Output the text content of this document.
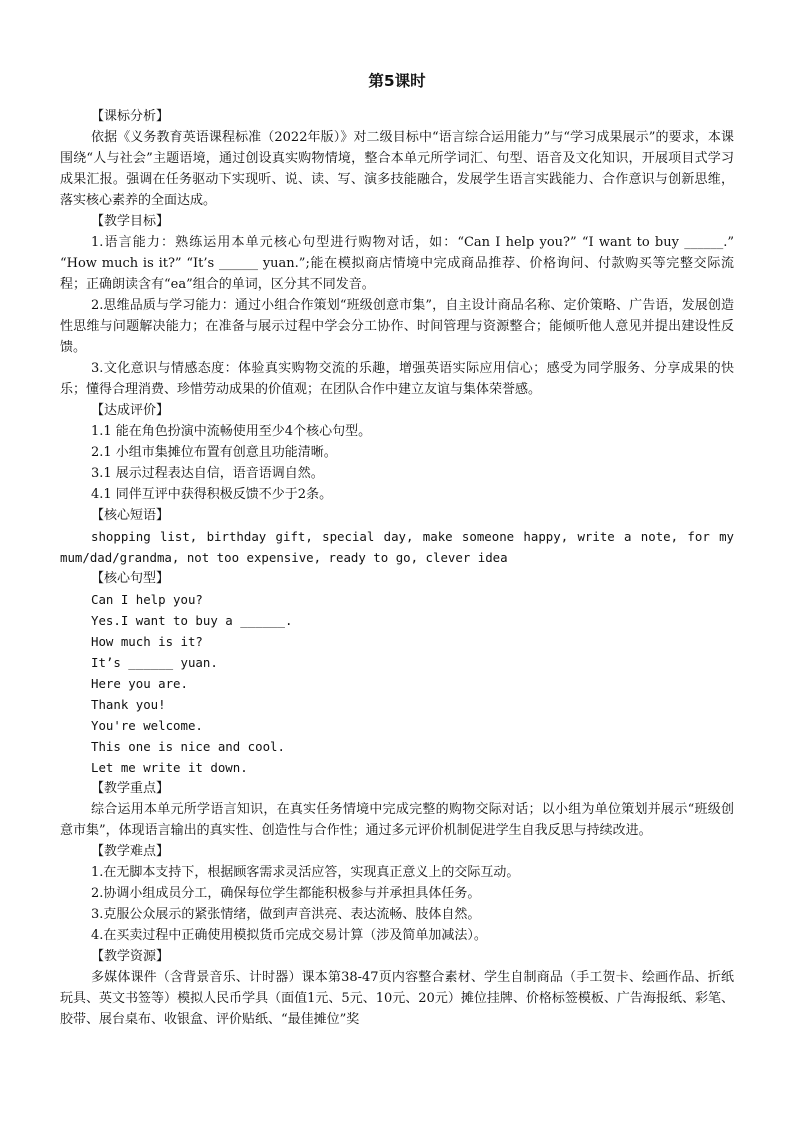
第5课时
【课标分析】

依据《义务教育英语课程标准（2022年版）》对二级目标中“语言综合运用能力”与“学习成果展示”的要求，本课围绕“人与社会”主题语境，通过创设真实购物情境，整合本单元所学词汇、句型、语音及文化知识，开展项目式学习成果汇报。强调在任务驱动下实现听、说、读、写、演多技能融合，发展学生语言实践能力、合作意识与创新思维，落实核心素养的全面达成。

【教学目标】

1.语言能力：熟练运用本单元核心句型进行购物对话，如：“Can I help you?” “I want to buy ______.” “How much is it?” “It’s ______ yuan.”;能在模拟商店情境中完成商品推荐、价格询问、付款购买等完整交际流程；正确朗读含有“ea”组合的单词，区分其不同发音。

2.思维品质与学习能力：通过小组合作策划“班级创意市集”，自主设计商品名称、定价策略、广告语，发展创造性思维与问题解决能力；在准备与展示过程中学会分工协作、时间管理与资源整合；能倾听他人意见并提出建设性反馈。

3.文化意识与情感态度：体验真实购物交流的乐趣，增强英语实际应用信心；感受为同学服务、分享成果的快乐；懂得合理消费、珍惜劳动成果的价值观；在团队合作中建立友谊与集体荣誉感。

【达成评价】
1.1 能在角色扮演中流畅使用至少4个核心句型。
2.1 小组市集摊位布置有创意且功能清晰。
3.1 展示过程表达自信，语音语调自然。
4.1 同伴互评中获得积极反馈不少于2条。
【核心短语】

shopping list, birthday gift, special day, make someone happy, write a note, for my mum/dad/grandma, not too expensive, ready to go, clever idea

【核心句型】
Can I help you?
Yes.I want to buy a ______.
How much is it?
It’s ______ yuan.
Here you are.
Thank you!
You're welcome.
This one is nice and cool.
Let me write it down.
【教学重点】

综合运用本单元所学语言知识，在真实任务情境中完成完整的购物交际对话；以小组为单位策划并展示“班级创意市集”，体现语言输出的真实性、创造性与合作性；通过多元评价机制促进学生自我反思与持续改进。

【教学难点】
1.在无脚本支持下，根据顾客需求灵活应答，实现真正意义上的交际互动。
2.协调小组成员分工，确保每位学生都能积极参与并承担具体任务。
3.克服公众展示的紧张情绪，做到声音洪亮、表达流畅、肢体自然。
4.在买卖过程中正确使用模拟货币完成交易计算（涉及简单加减法）。
【教学资源】

多媒体课件（含背景音乐、计时器）课本第38-47页内容整合素材、学生自制商品（手工贺卡、绘画作品、折纸玩具、英文书签等）模拟人民币学具（面值1元、5元、10元、20元）摊位挂牌、价格标签模板、广告海报纸、彩笔、胶带、展台桌布、收银盒、评价贴纸、“最佳摊位”奖
